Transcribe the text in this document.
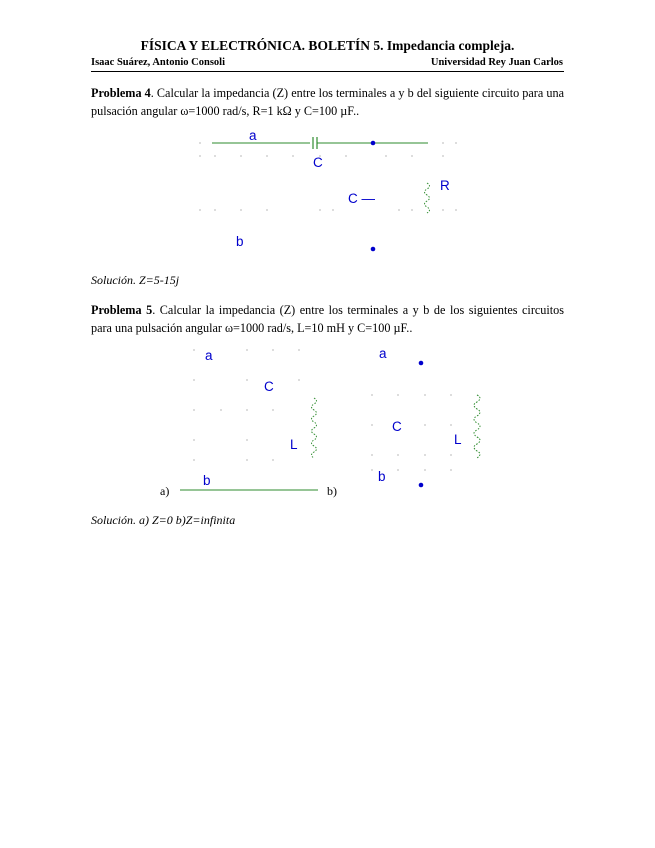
FÍSICA Y ELECTRÓNICA. BOLETÍN 5. Impedancia compleja.
Isaac Suárez, Antonio Consoli	Universidad Rey Juan Carlos
Problema 4. Calcular la impedancia (Z) entre los terminales a y b del siguiente circuito para una pulsación angular ω=1000 rad/s, R=1 kΩ y C=100 µF..
a
C
C —
R
b
Solución. Z=5-15j
Problema 5. Calcular la impedancia (Z) entre los terminales a y b de los siguientes circuitos para una pulsación angular ω=1000 rad/s, L=10 mH y C=100 µF..
a
C
L
b
a)
a
C
L
b
b)
Solución. a) Z=0 b)Z=infinita
